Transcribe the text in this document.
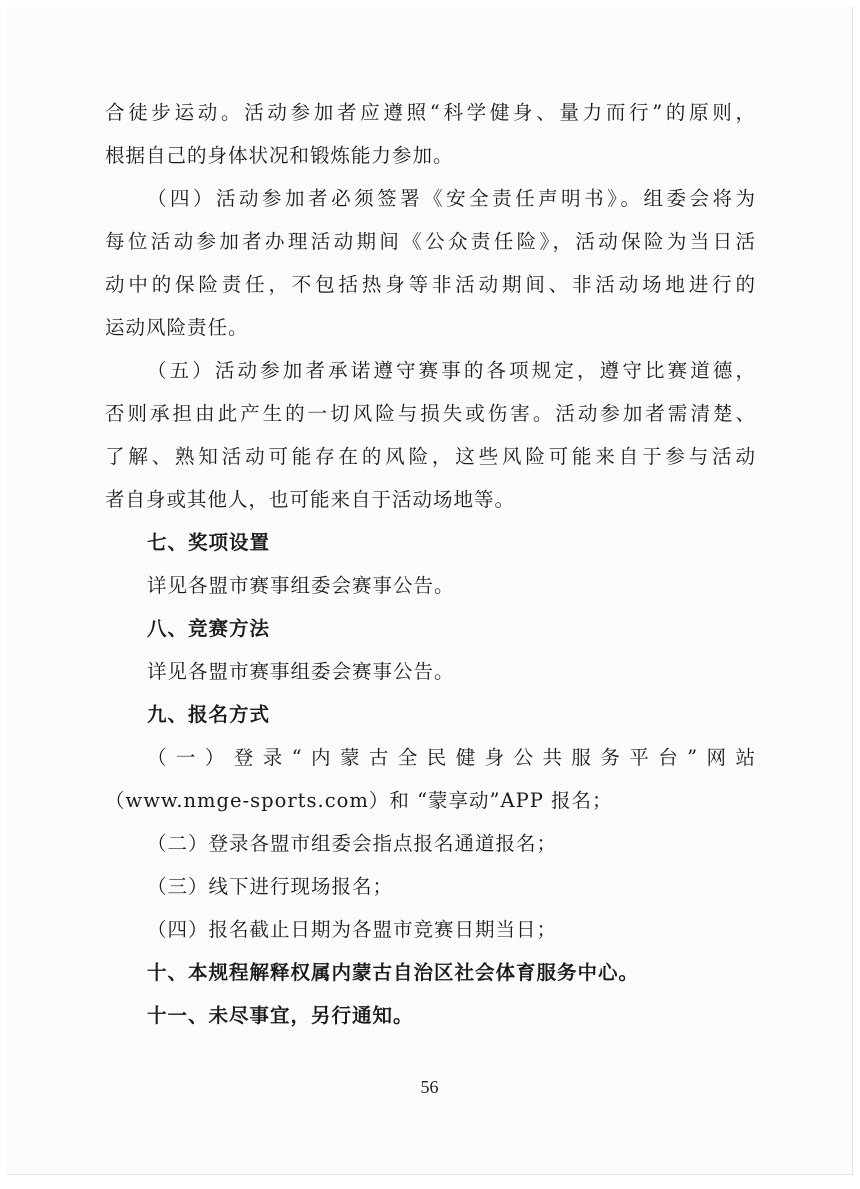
合徒步运动。活动参加者应遵照“科学健身、量力而行”的原则，
根据自己的身体状况和锻炼能力参加。
（四）活动参加者必须签署《安全责任声明书》。组委会将为
每位活动参加者办理活动期间《公众责任险》，活动保险为当日活
动中的保险责任，不包括热身等非活动期间、非活动场地进行的
运动风险责任。
（五）活动参加者承诺遵守赛事的各项规定，遵守比赛道德，
否则承担由此产生的一切风险与损失或伤害。活动参加者需清楚、
了解、熟知活动可能存在的风险，这些风险可能来自于参与活动
者自身或其他人，也可能来自于活动场地等。
七、奖项设置
详见各盟市赛事组委会赛事公告。
八、竞赛方法
详见各盟市赛事组委会赛事公告。
九、报名方式
（一）登录“内蒙古全民健身公共服务平台”网站
（www.nmge-sports.com）和 “蒙享动”APP 报名；
（二）登录各盟市组委会指点报名通道报名；
（三）线下进行现场报名；
（四）报名截止日期为各盟市竞赛日期当日；
十、本规程解释权属内蒙古自治区社会体育服务中心。
十一、未尽事宜，另行通知。
56
